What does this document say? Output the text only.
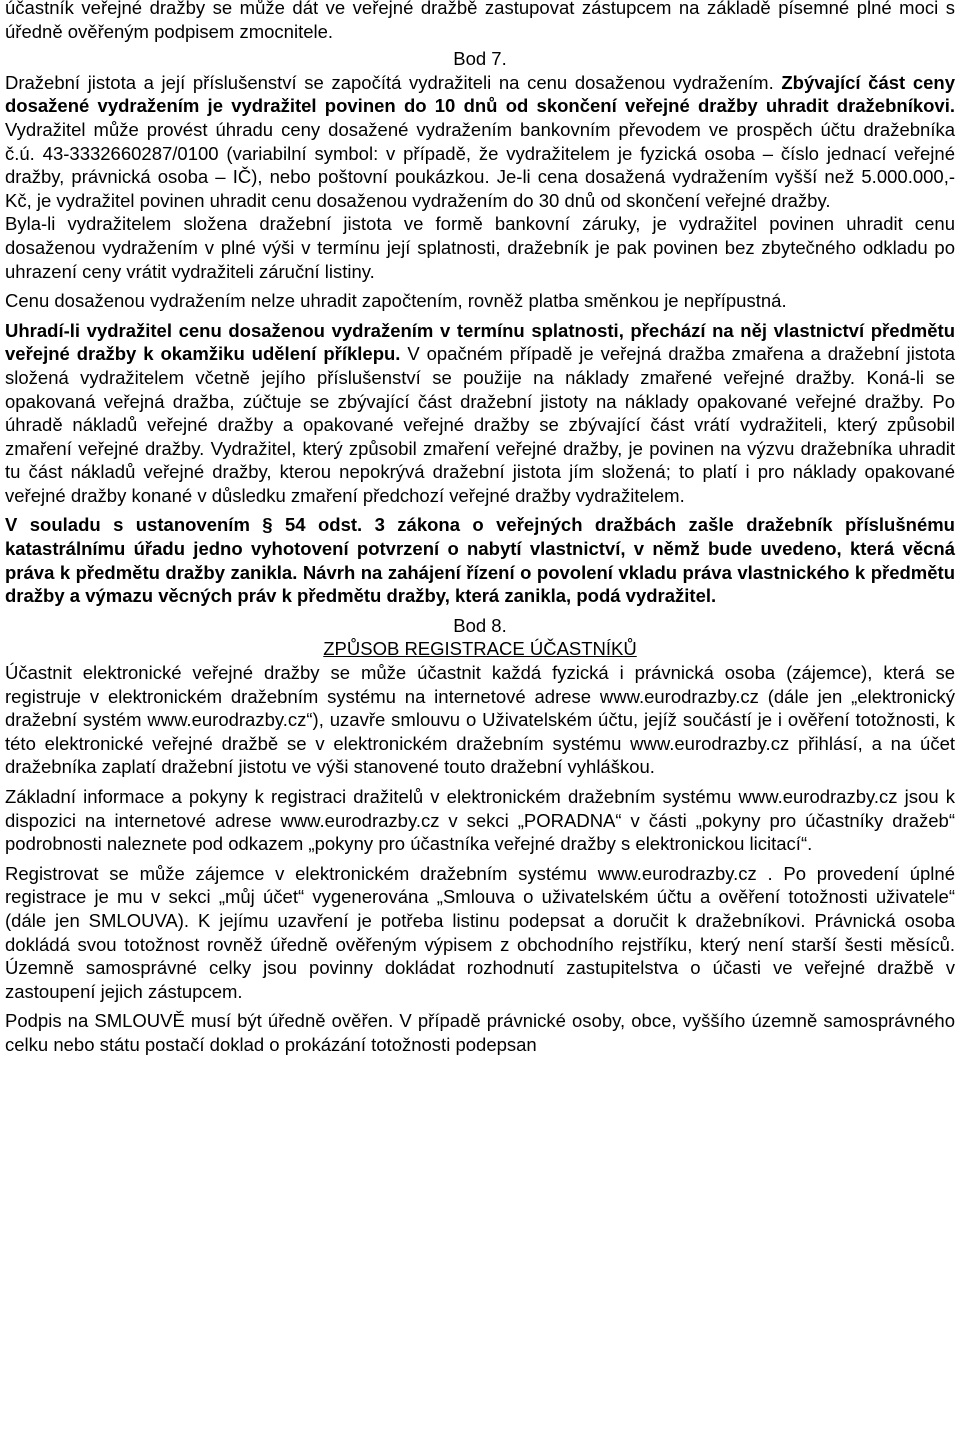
účastník veřejné dražby se může dát ve veřejné dražbě zastupovat zástupcem na základě písemné plné moci s úředně ověřeným podpisem zmocnitele.

Bod 7.

Dražební jistota a její příslušenství se započítá vydražiteli na cenu dosaženou vydražením. Zbývající část ceny dosažené vydražením je vydražitel povinen do 10 dnů od skončení veřejné dražby uhradit dražebníkovi. Vydražitel může provést úhradu ceny dosažené vydražením bankovním převodem ve prospěch účtu dražebníka č.ú. 43-3332660287/0100 (variabilní symbol: v případě, že vydražitelem je fyzická osoba – číslo jednací veřejné dražby, právnická osoba – IČ), nebo poštovní poukázkou. Je-li cena dosažená vydražením vyšší než 5.000.000,- Kč, je vydražitel povinen uhradit cenu dosaženou vydražením do 30 dnů od skončení veřejné dražby.

Byla-li vydražitelem složena dražební jistota ve formě bankovní záruky, je vydražitel povinen uhradit cenu dosaženou vydražením v plné výši v termínu její splatnosti, dražebník je pak povinen bez zbytečného odkladu po uhrazení ceny vrátit vydražiteli záruční listiny.

Cenu dosaženou vydražením nelze uhradit započtením, rovněž platba směnkou je nepřípustná.

Uhradí-li vydražitel cenu dosaženou vydražením v termínu splatnosti, přechází na něj vlastnictví předmětu veřejné dražby k okamžiku udělení příklepu. V opačném případě je veřejná dražba zmařena a dražební jistota složená vydražitelem včetně jejího příslušenství se použije na náklady zmařené veřejné dražby. Koná-li se opakovaná veřejná dražba, zúčtuje se zbývající část dražební jistoty na náklady opakované veřejné dražby. Po úhradě nákladů veřejné dražby a opakované veřejné dražby se zbývající část vrátí vydražiteli, který způsobil zmaření veřejné dražby. Vydražitel, který způsobil zmaření veřejné dražby, je povinen na výzvu dražebníka uhradit tu část nákladů veřejné dražby, kterou nepokrývá dražební jistota jím složená; to platí i pro náklady opakované veřejné dražby konané v důsledku zmaření předchozí veřejné dražby vydražitelem.

V souladu s ustanovením § 54 odst. 3 zákona o veřejných dražbách zašle dražebník příslušnému katastrálnímu úřadu jedno vyhotovení potvrzení o nabytí vlastnictví, v němž bude uvedeno, která věcná práva k předmětu dražby zanikla. Návrh na zahájení řízení o povolení vkladu práva vlastnického k předmětu dražby a výmazu věcných práv k předmětu dražby, která zanikla, podá vydražitel.

Bod 8.

ZPŮSOB REGISTRACE ÚČASTNÍKŮ

Účastnit elektronické veřejné dražby se může účastnit každá fyzická i právnická osoba (zájemce), která se registruje v elektronickém dražebním systému na internetové adrese www.eurodrazby.cz (dále jen „elektronický dražební systém www.eurodrazby.cz“), uzavře smlouvu o Uživatelském účtu, jejíž součástí je i ověření totožnosti, k této elektronické veřejné dražbě se v elektronickém dražebním systému www.eurodrazby.cz přihlásí, a na účet dražebníka zaplatí dražební jistotu ve výši stanovené touto dražební vyhláškou.

Základní informace a pokyny k registraci dražitelů v elektronickém dražebním systému www.eurodrazby.cz jsou k dispozici na internetové adrese www.eurodrazby.cz v sekci „PORADNA“ v části „pokyny pro účastníky dražeb“ podrobnosti naleznete pod odkazem „pokyny pro účastníka veřejné dražby s elektronickou licitací“.

Registrovat se může zájemce v elektronickém dražebním systému www.eurodrazby.cz . Po provedení úplné registrace je mu v sekci „můj účet“ vygenerována „Smlouva o uživatelském účtu a ověření totožnosti uživatele“ (dále jen SMLOUVA). K jejímu uzavření je potřeba listinu podepsat a doručit k dražebníkovi. Právnická osoba dokládá svou totožnost rovněž úředně ověřeným výpisem z obchodního rejstříku, který není starší šesti měsíců. Územně samosprávné celky jsou povinny dokládat rozhodnutí zastupitelstva o účasti ve veřejné dražbě v zastoupení jejich zástupcem.

Podpis na SMLOUVĚ musí být úředně ověřen. V případě právnické osoby, obce, vyššího územně samosprávného celku nebo státu postačí doklad o prokázání totožnosti podepsan
